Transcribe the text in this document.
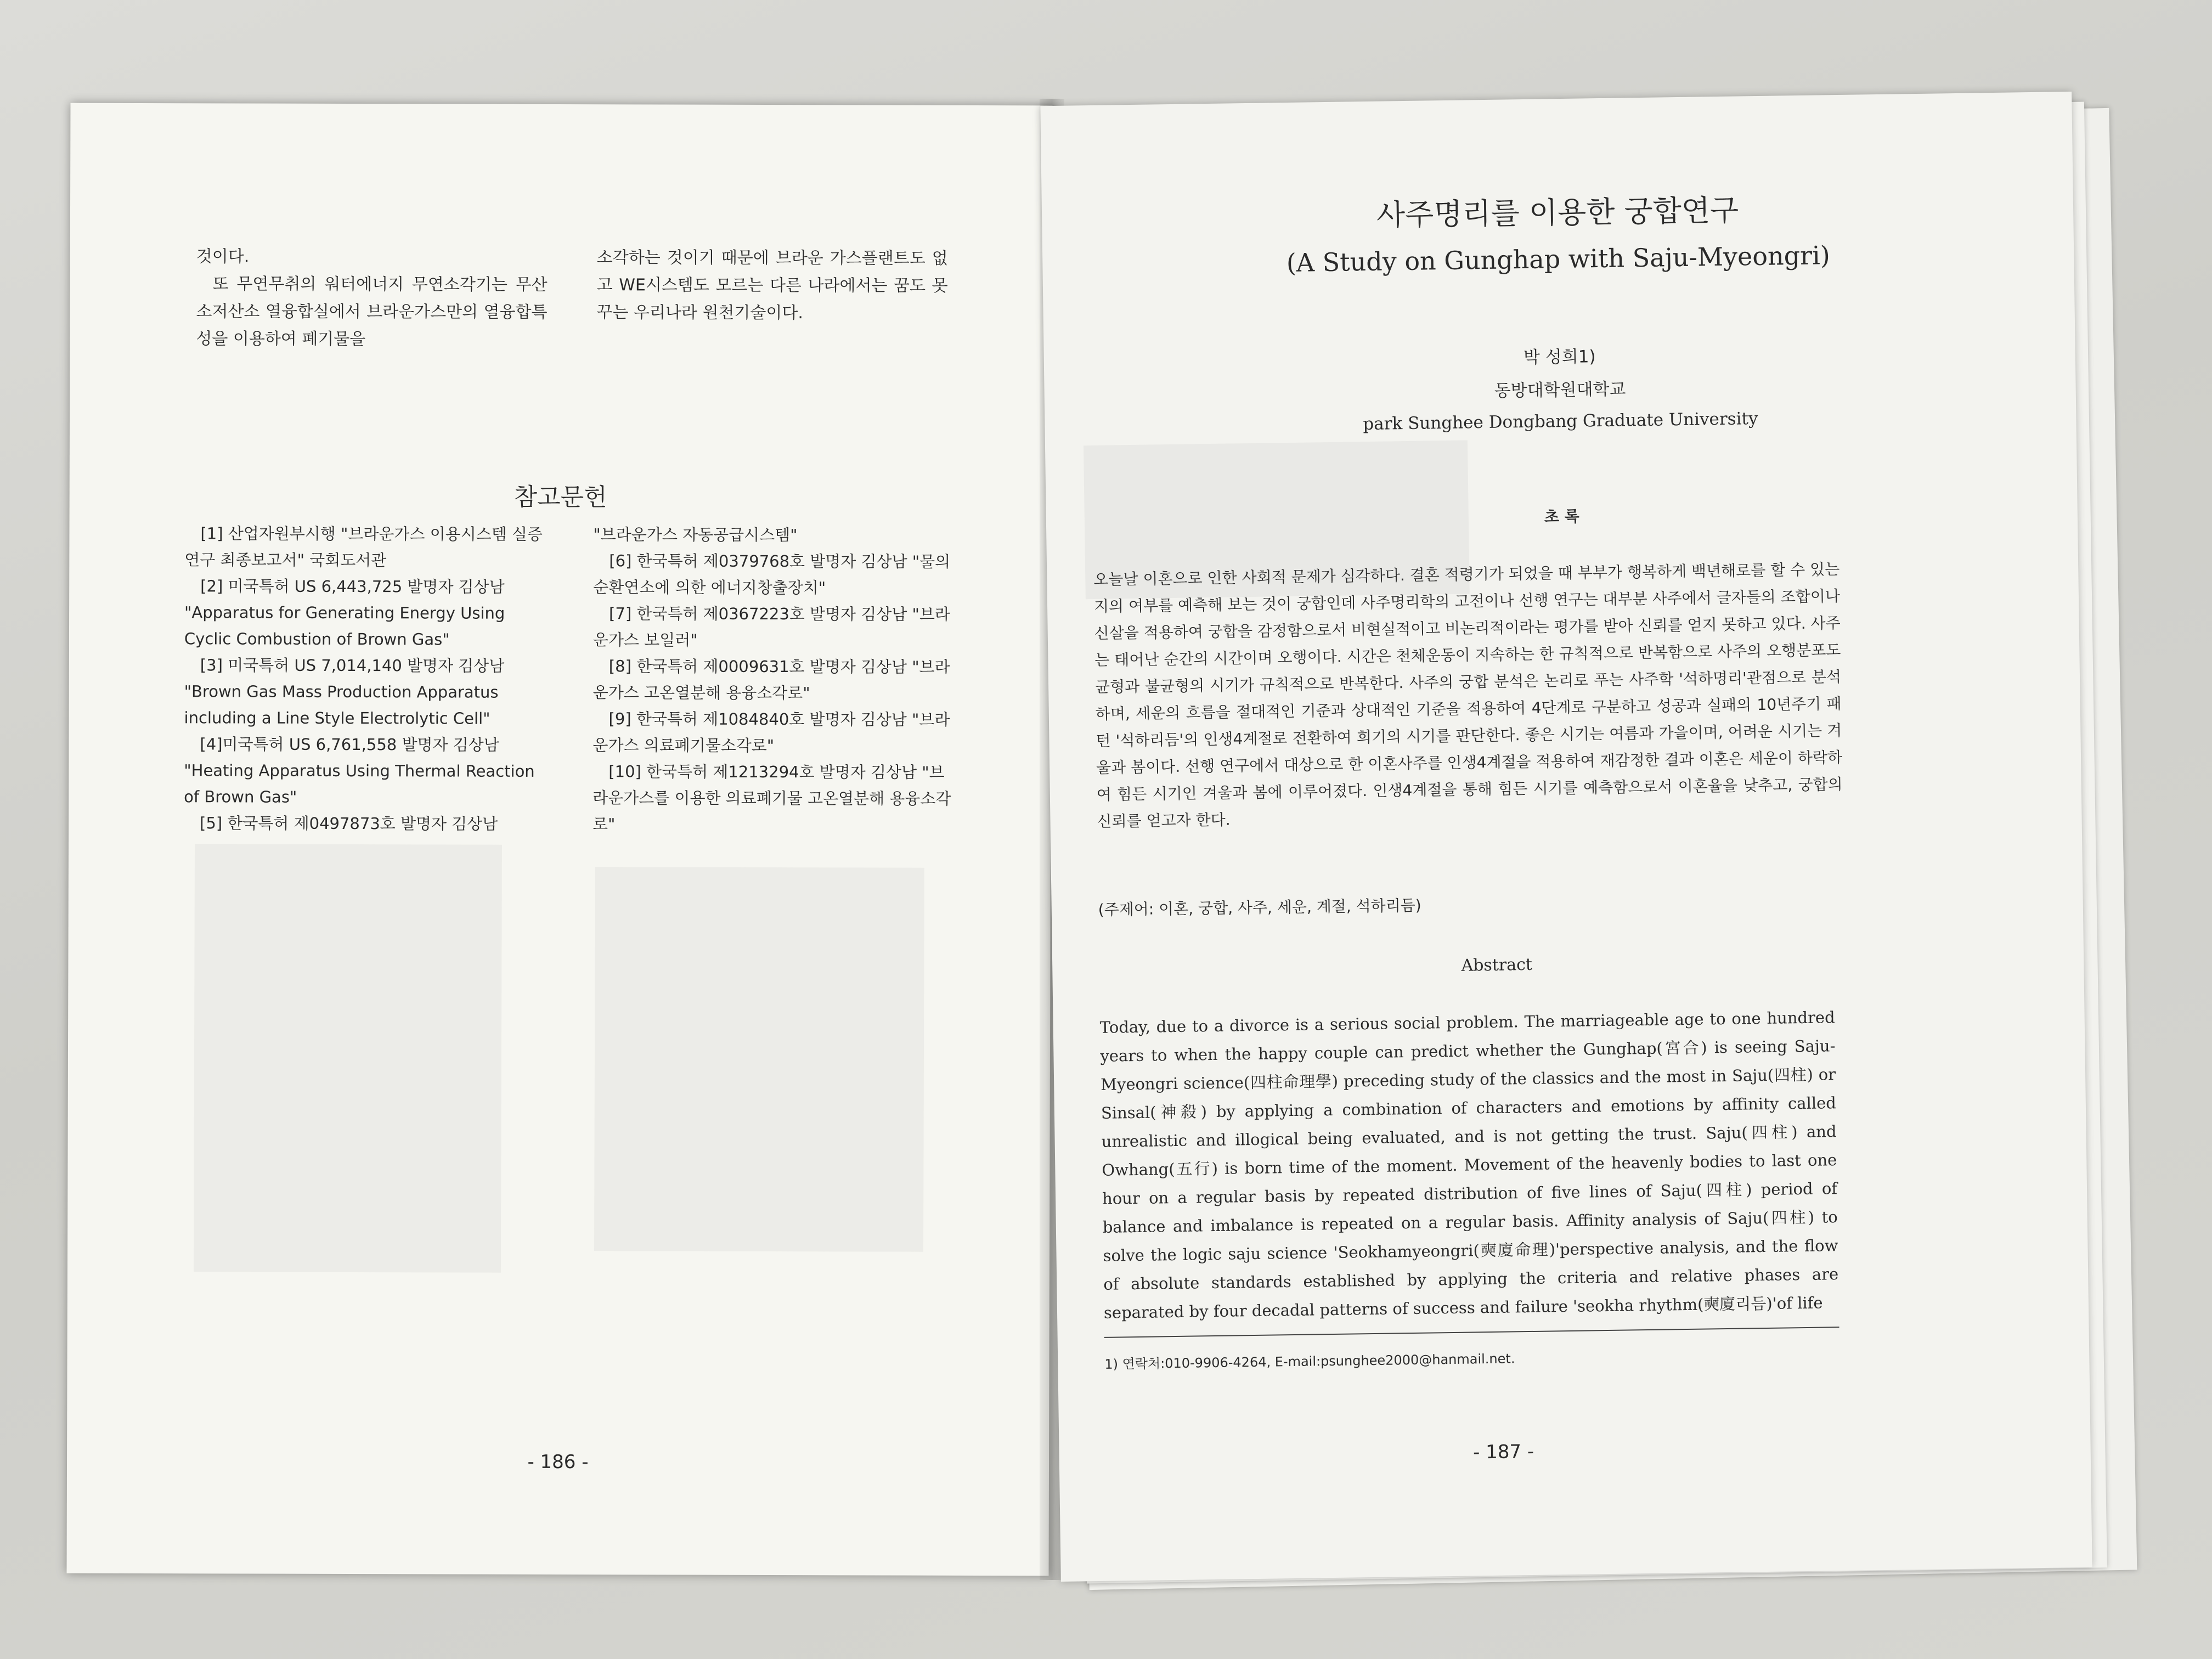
것이다.

또 무연무취의 워터에너지 무연소각기는 무산소저산소 열융합실에서 브라운가스만의 열융합특성을 이용하여 폐기물을

소각하는 것이기 때문에 브라운 가스플랜트도 없고 WE시스템도 모르는 다른 나라에서는 꿈도 못 꾸는 우리나라 원천기술이다.

참고문헌
[1] 산업자원부시행 "브라운가스 이용시스템 실증연구 최종보고서" 국회도서관
[2] 미국특허 US 6,443,725 발명자 김상남 "Apparatus for Generating Energy Using Cyclic Combustion of Brown Gas"
[3] 미국특허 US 7,014,140 발명자 김상남 "Brown Gas Mass Production Apparatus including a Line Style Electrolytic Cell"
[4]미국특허 US 6,761,558 발명자 김상남 "Heating Apparatus Using Thermal Reaction of Brown Gas"
[5] 한국특허 제0497873호 발명자 김상남
"브라운가스 자동공급시스템"
[6] 한국특허 제0379768호 발명자 김상남 "물의 순환연소에 의한 에너지창출장치"
[7] 한국특허 제0367223호 발명자 김상남 "브라운가스 보일러"
[8] 한국특허 제0009631호 발명자 김상남 "브라운가스 고온열분해 용융소각로"
[9] 한국특허 제1084840호 발명자 김상남 "브라운가스 의료폐기물소각로"
[10] 한국특허 제1213294호 발명자 김상남 "브라운가스를 이용한 의료폐기물 고온열분해 용융소각로"
- 186 -
사주명리를 이용한 궁합연구
(A Study on Gunghap with Saju-Myeongri)
박 성희1)
동방대학원대학교
park Sunghee Dongbang Graduate University
초 록

오늘날 이혼으로 인한 사회적 문제가 심각하다. 결혼 적령기가 되었을 때 부부가 행복하게 백년해로를 할 수 있는지의 여부를 예측해 보는 것이 궁합인데 사주명리학의 고전이나 선행 연구는 대부분 사주에서 글자들의 조합이나 신살을 적용하여 궁합을 감정함으로서 비현실적이고 비논리적이라는 평가를 받아 신뢰를 얻지 못하고 있다. 사주는 태어난 순간의 시간이며 오행이다. 시간은 천체운동이 지속하는 한 규칙적으로 반복함으로 사주의 오행분포도 균형과 불균형의 시기가 규칙적으로 반복한다. 사주의 궁합 분석은 논리로 푸는 사주학 '석하명리'관점으로 분석하며, 세운의 흐름을 절대적인 기준과 상대적인 기준을 적용하여 4단계로 구분하고 성공과 실패의 10년주기 패턴 '석하리듬'의 인생4계절로 전환하여 희기의 시기를 판단한다. 좋은 시기는 여름과 가을이며, 어려운 시기는 겨울과 봄이다. 선행 연구에서 대상으로 한 이혼사주를 인생4계절을 적용하여 재감정한 결과 이혼은 세운이 하락하여 힘든 시기인 겨울과 봄에 이루어졌다. 인생4계절을 통해 힘든 시기를 예측함으로서 이혼율을 낮추고, 궁합의 신뢰를 얻고자 한다.

(주제어: 이혼, 궁합, 사주, 세운, 계절, 석하리듬)
Abstract

Today, due to a divorce is a serious social problem. The marriageable age to one hundred years to when the happy couple can predict whether the Gunghap(宮合) is seeing Saju-Myeongri science(四柱命理學) preceding study of the classics and the most in Saju(四柱) or Sinsal(神殺) by applying a combination of characters and emotions by affinity called unrealistic and illogical being evaluated, and is not getting the trust. Saju(四柱) and Owhang(五行) is born time of the moment. Movement of the heavenly bodies to last one hour on a regular basis by repeated distribution of five lines of Saju(四柱) period of balance and imbalance is repeated on a regular basis. Affinity analysis of Saju(四柱) to solve the logic saju science 'Seokhamyeongri(奭廈命理)'perspective analysis, and the flow of absolute standards established by applying the criteria and relative phases are separated by four decadal patterns of success and failure 'seokha rhythm(奭廈리듬)'of life

1) 연락처:010-9906-4264, E-mail:psunghee2000@hanmail.net.
- 187 -
